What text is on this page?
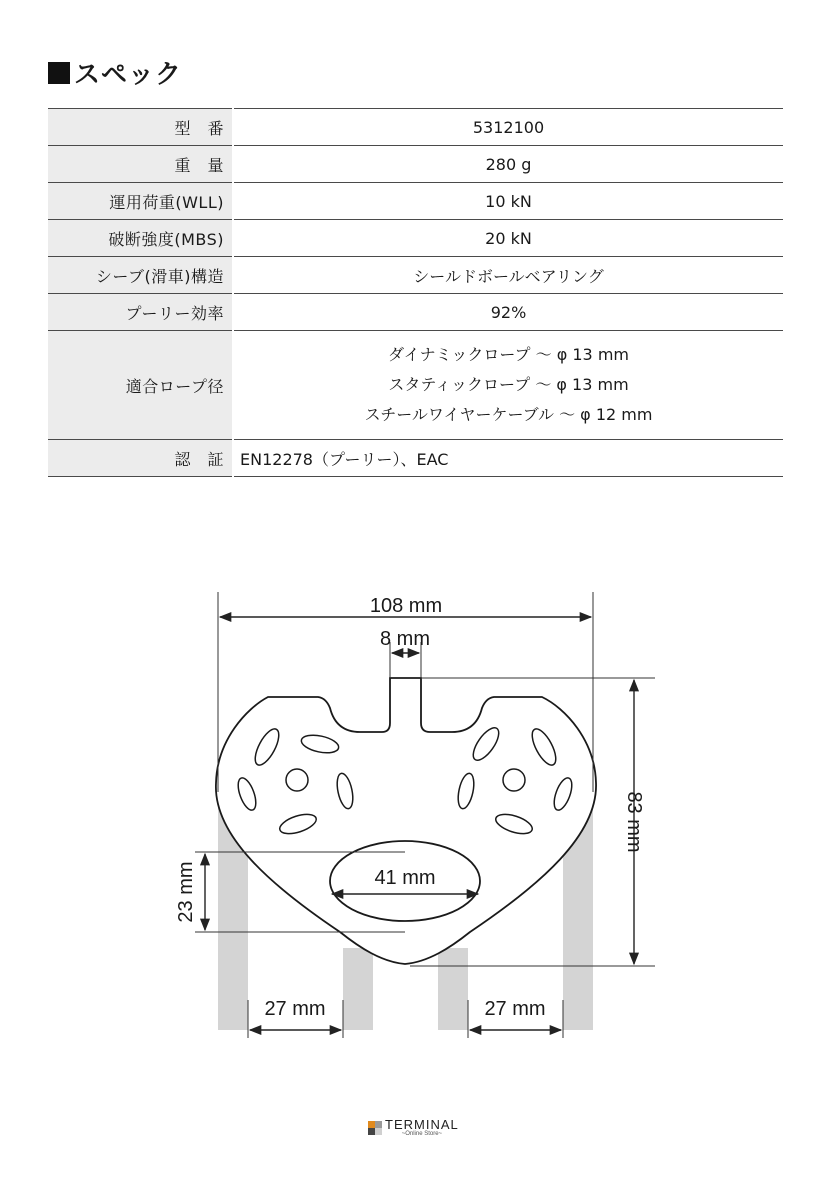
スペック
型　番	5312100
重　量	280 g
運用荷重(WLL)	10 kN
破断強度(MBS)	20 kN
シーブ(滑車)構造	シールドボールベアリング
プーリー効率	92%
適合ロープ径	ダイナミックロープ ～ φ 13 mm
スタティックロープ ～ φ 13 mm
スチールワイヤーケーブル ～ φ 12 mm

認　証	EN12278（プーリー）、EAC
108 mm
8 mm
83 mm
41 mm
23 mm
27 mm	27 mm
TERMINAL
~Online Store~
